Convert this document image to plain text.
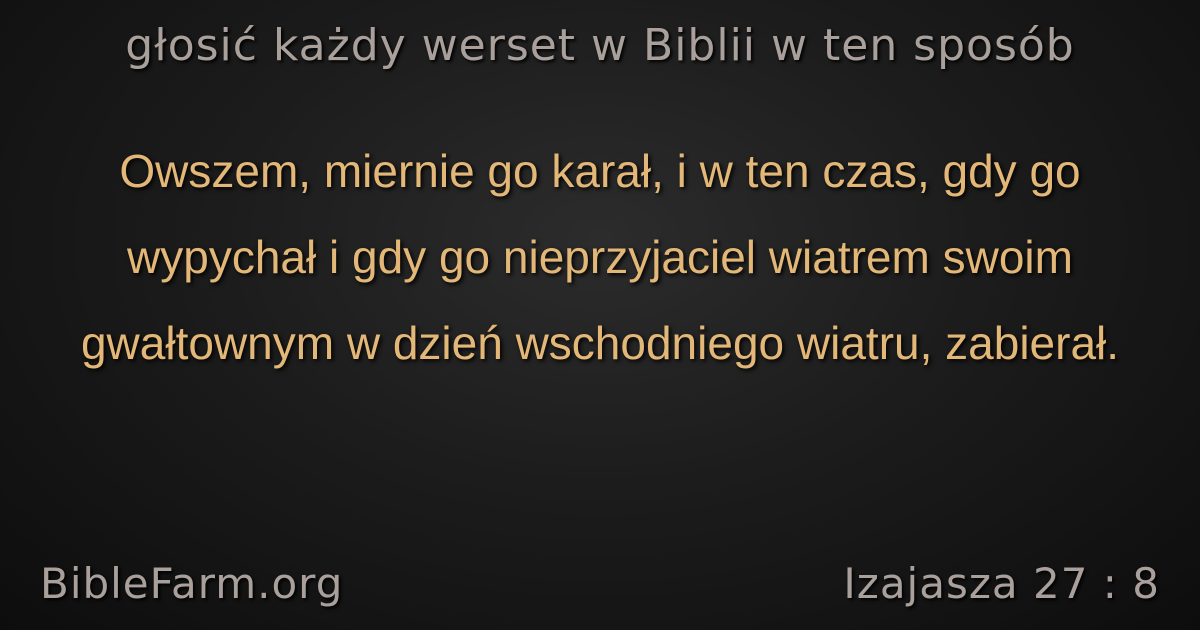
głosić każdy werset w Biblii w ten sposób
Owszem, miernie go karał, i w ten czas, gdy go wypychał i gdy go nieprzyjaciel wiatrem swoim gwałtownym w dzień wschodniego wiatru, zabierał.
BibleFarm.org	Izajasza 27 : 8
